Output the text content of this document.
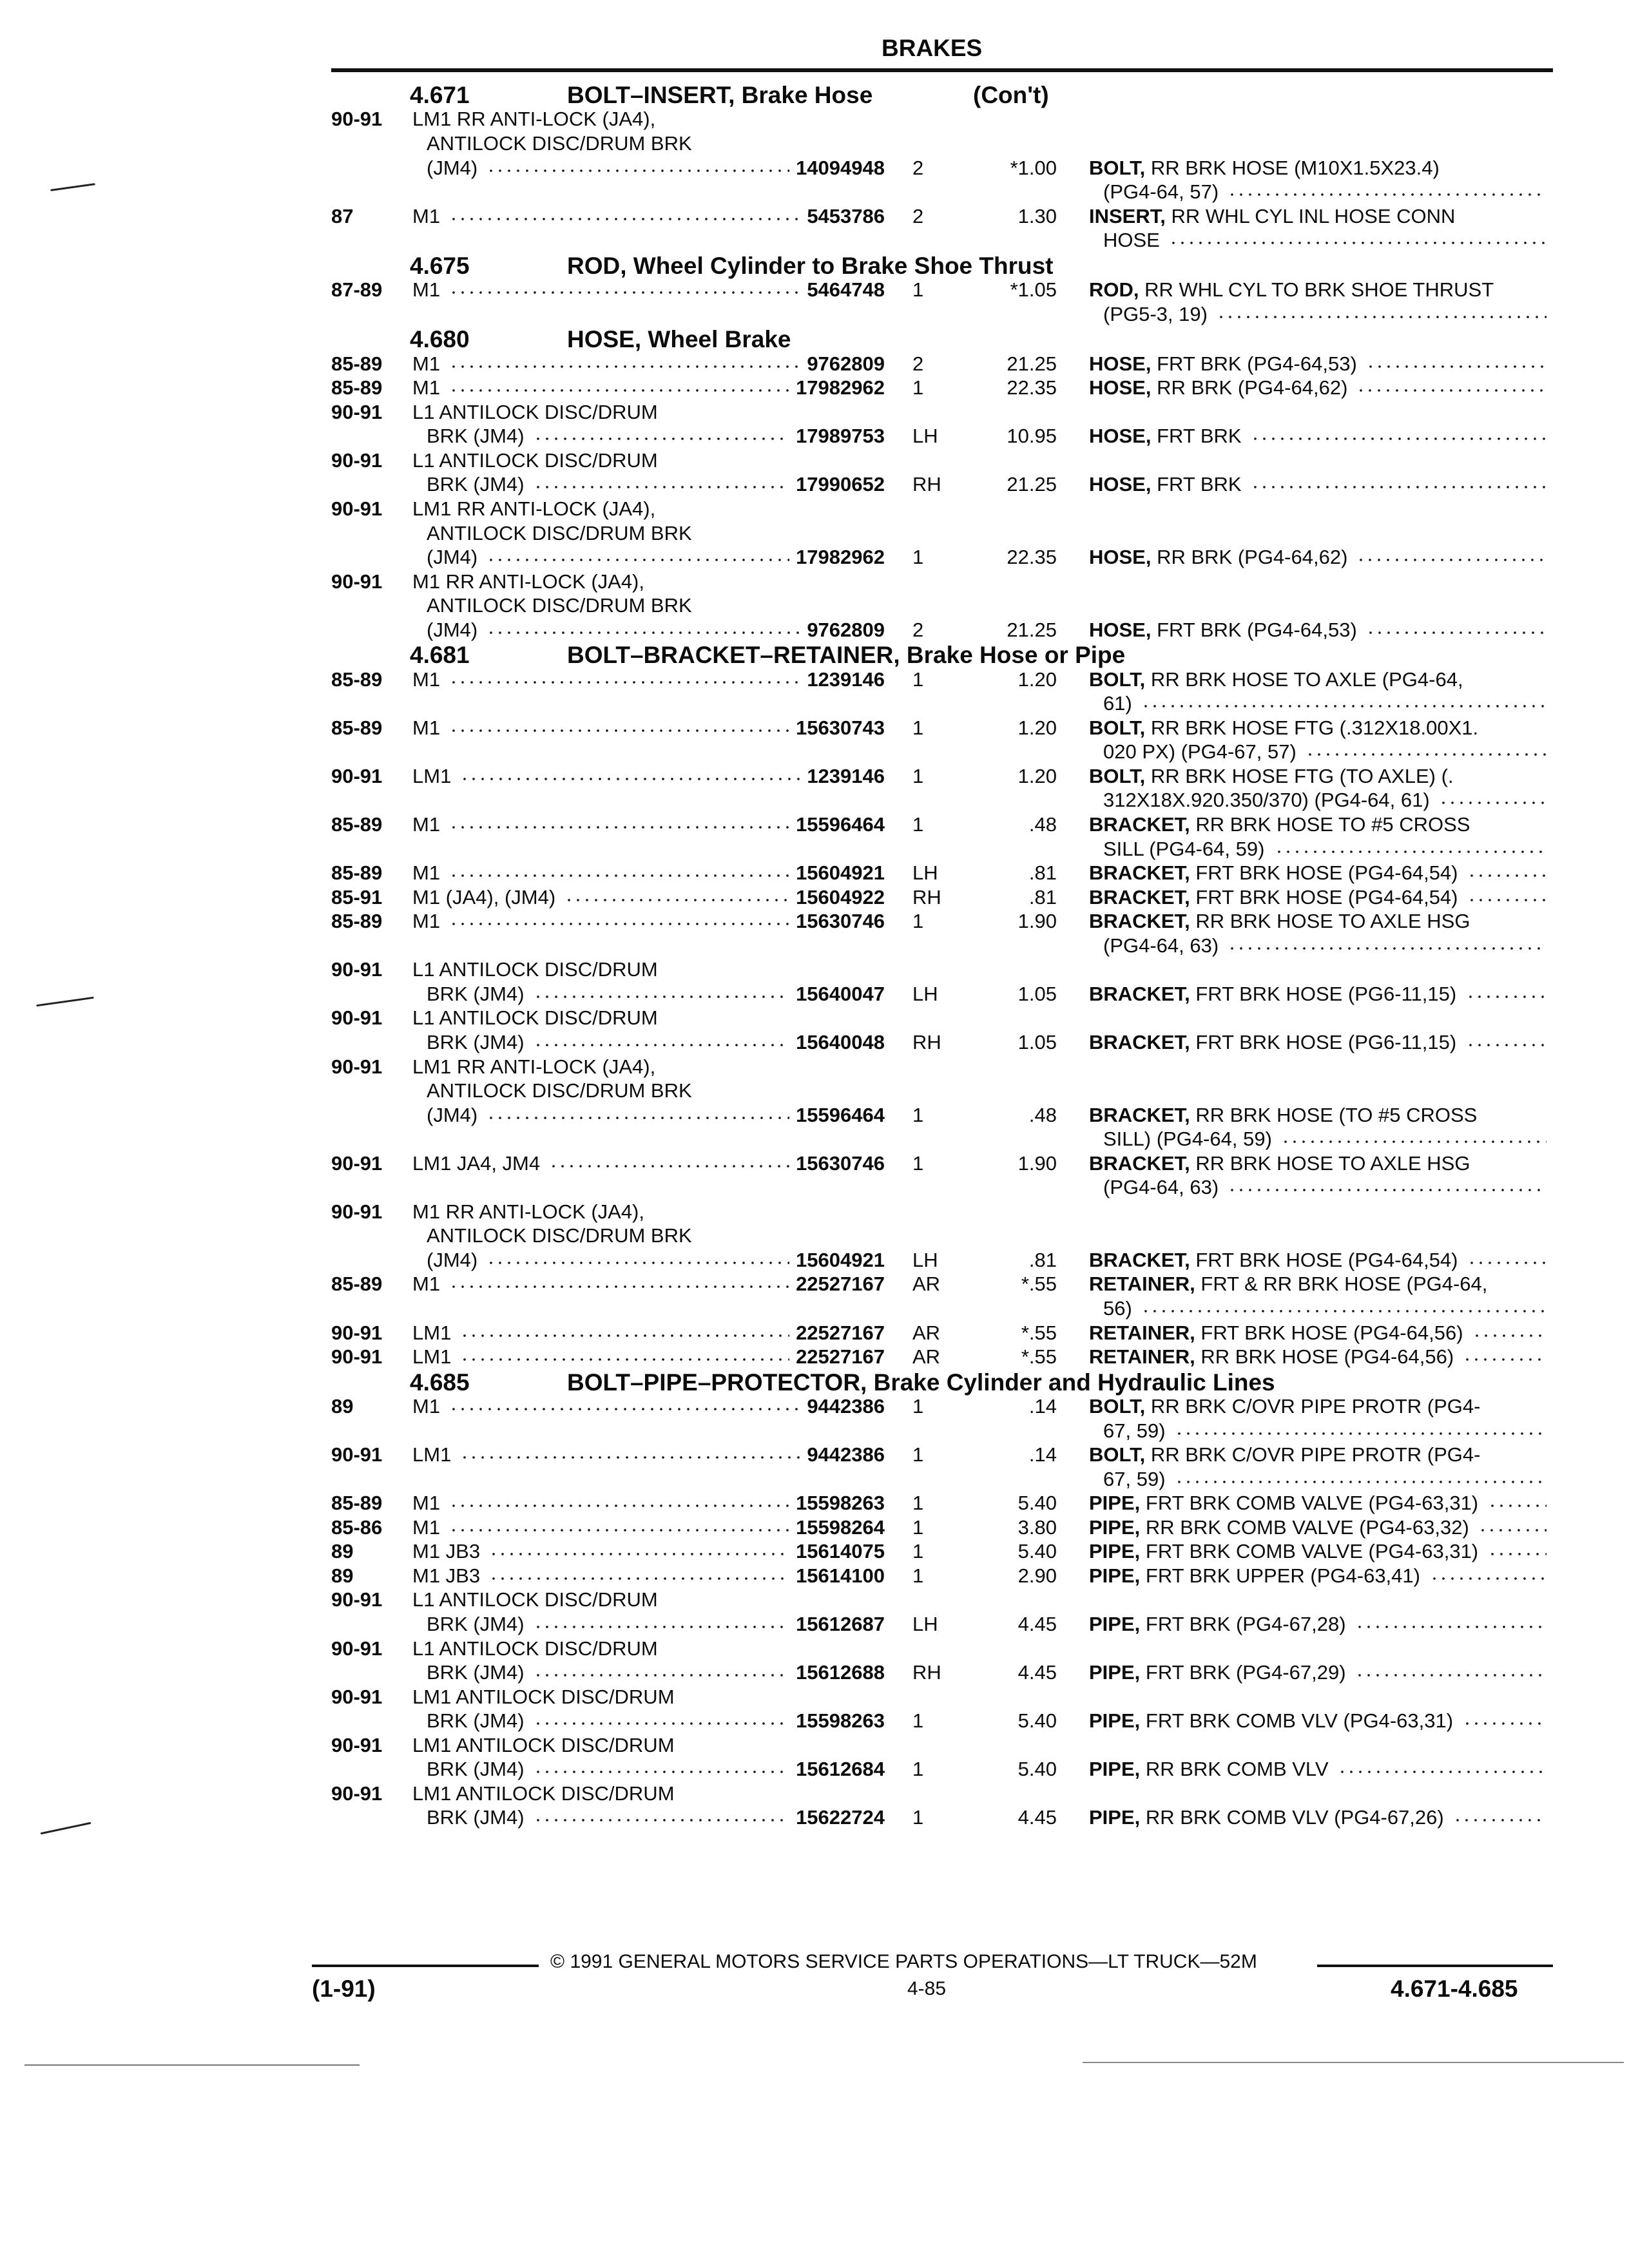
BRAKES
4.671	BOLT–INSERT, Brake Hose	(Con't)
90-91 LM1 RR ANTI-LOCK (JA4),
ANTILOCK DISC/DRUM BRK
(JM4)	14094948 2	*1.00 BOLT, RR BRK HOSE (M10X1.5X23.4)
(PG4-64, 57)
87	M1	5453786 2	1.30 INSERT, RR WHL CYL INL HOSE CONN
HOSE
4.675	ROD, Wheel Cylinder to Brake Shoe Thrust
87-89 M1	5464748 1	*1.05 ROD, RR WHL CYL TO BRK SHOE THRUST
(PG5-3, 19)
4.680	HOSE, Wheel Brake
85-89 M1	9762809 2	21.25 HOSE, FRT BRK (PG4-64,53)
85-89 M1	17982962 1	22.35 HOSE, RR BRK (PG4-64,62)
90-91 L1 ANTILOCK DISC/DRUM
BRK (JM4)	17989753 LH	10.95 HOSE, FRT BRK
90-91 L1 ANTILOCK DISC/DRUM
BRK (JM4)	17990652 RH	21.25 HOSE, FRT BRK
90-91 LM1 RR ANTI-LOCK (JA4),
ANTILOCK DISC/DRUM BRK
(JM4)	17982962 1	22.35 HOSE, RR BRK (PG4-64,62)
90-91 M1 RR ANTI-LOCK (JA4),
ANTILOCK DISC/DRUM BRK
(JM4)	9762809 2	21.25 HOSE, FRT BRK (PG4-64,53)
4.681	BOLT–BRACKET–RETAINER, Brake Hose or Pipe
85-89 M1	1239146 1	1.20 BOLT, RR BRK HOSE TO AXLE (PG4-64,
61)
85-89 M1	15630743 1	1.20 BOLT, RR BRK HOSE FTG (.312X18.00X1.
020 PX) (PG4-67, 57)
90-91 LM1	1239146 1	1.20 BOLT, RR BRK HOSE FTG (TO AXLE) (.
312X18X.920.350/370) (PG4-64, 61)
85-89 M1	15596464 1	.48 BRACKET, RR BRK HOSE TO #5 CROSS
SILL (PG4-64, 59)
85-89 M1	15604921 LH	.81 BRACKET, FRT BRK HOSE (PG4-64,54)
85-91 M1 (JA4), (JM4)	15604922 RH	.81 BRACKET, FRT BRK HOSE (PG4-64,54)
85-89 M1	15630746 1	1.90 BRACKET, RR BRK HOSE TO AXLE HSG
(PG4-64, 63)
90-91 L1 ANTILOCK DISC/DRUM
BRK (JM4)	15640047 LH	1.05 BRACKET, FRT BRK HOSE (PG6-11,15)
90-91 L1 ANTILOCK DISC/DRUM
BRK (JM4)	15640048 RH	1.05 BRACKET, FRT BRK HOSE (PG6-11,15)
90-91 LM1 RR ANTI-LOCK (JA4),
ANTILOCK DISC/DRUM BRK
(JM4)	15596464 1	.48 BRACKET, RR BRK HOSE (TO #5 CROSS
SILL) (PG4-64, 59)
90-91 LM1 JA4, JM4	15630746 1	1.90 BRACKET, RR BRK HOSE TO AXLE HSG
(PG4-64, 63)
90-91 M1 RR ANTI-LOCK (JA4),
ANTILOCK DISC/DRUM BRK
(JM4)	15604921 LH	.81 BRACKET, FRT BRK HOSE (PG4-64,54)
85-89 M1	22527167 AR	*.55 RETAINER, FRT & RR BRK HOSE (PG4-64,
56)
90-91 LM1	22527167 AR	*.55 RETAINER, FRT BRK HOSE (PG4-64,56)
90-91 LM1	22527167 AR	*.55 RETAINER, RR BRK HOSE (PG4-64,56)
4.685	BOLT–PIPE–PROTECTOR, Brake Cylinder and Hydraulic Lines
89	M1	9442386 1	.14 BOLT, RR BRK C/OVR PIPE PROTR (PG4-
67, 59)
90-91 LM1	9442386 1	.14 BOLT, RR BRK C/OVR PIPE PROTR (PG4-
67, 59)
85-89 M1	15598263 1	5.40 PIPE, FRT BRK COMB VALVE (PG4-63,31)
85-86 M1	15598264 1	3.80 PIPE, RR BRK COMB VALVE (PG4-63,32)
89	M1 JB3	15614075 1	5.40 PIPE, FRT BRK COMB VALVE (PG4-63,31)
89	M1 JB3	15614100 1	2.90 PIPE, FRT BRK UPPER (PG4-63,41)
90-91 L1 ANTILOCK DISC/DRUM
BRK (JM4)	15612687 LH	4.45 PIPE, FRT BRK (PG4-67,28)
90-91 L1 ANTILOCK DISC/DRUM
BRK (JM4)	15612688 RH	4.45 PIPE, FRT BRK (PG4-67,29)
90-91 LM1 ANTILOCK DISC/DRUM
BRK (JM4)	15598263 1	5.40 PIPE, FRT BRK COMB VLV (PG4-63,31)
90-91 LM1 ANTILOCK DISC/DRUM
BRK (JM4)	15612684 1	5.40 PIPE, RR BRK COMB VLV
90-91 LM1 ANTILOCK DISC/DRUM
BRK (JM4)	15622724 1	4.45 PIPE, RR BRK COMB VLV (PG4-67,26)
© 1991 GENERAL MOTORS SERVICE PARTS OPERATIONS—LT TRUCK—52M
(1-91)	4-85	4.671-4.685
